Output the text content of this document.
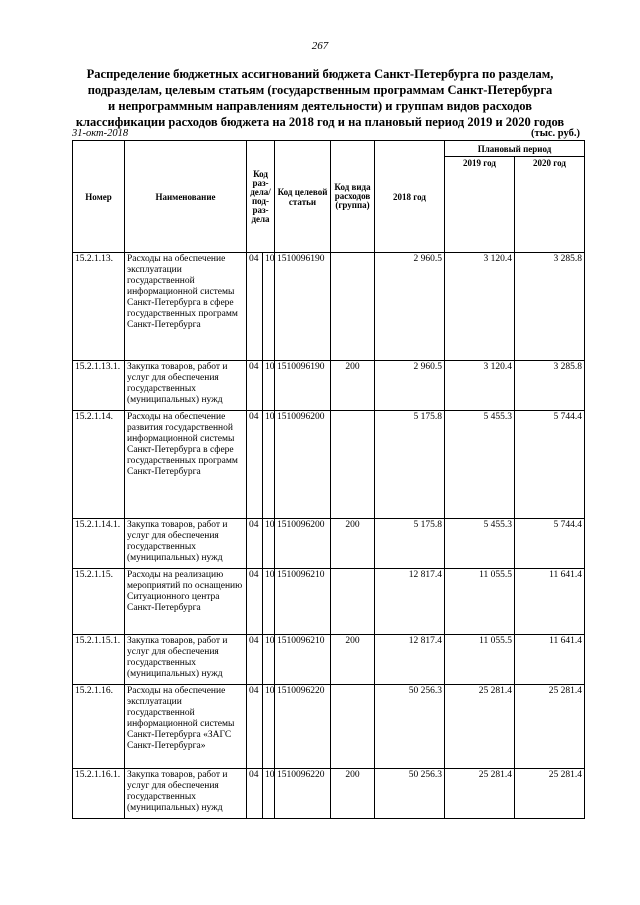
267
Распределение бюджетных ассигнований бюджета Санкт-Петербурга по разделам,
подразделам, целевым статьям (государственным программам Санкт-Петербурга
и непрограммным направлениям деятельности) и группам видов расходов
классификации расходов бюджета на 2018 год и на плановый период 2019 и 2020 годов
31-окт-2018	(тыс. руб.)
Номер	Наименование	Код раз-дела/ под-раз-дела		Код целевой статьи	Код вида расходов (группа)	2018 год	Плановый период	
							2019 год	2020 год
15.2.1.13.	Расходы на обеспечение эксплуатации государственной информационной системы Санкт-Петербурга в сфере государственных программ Санкт-Петербурга	04	10	1510096190		2 960.5	3 120.4	3 285.8
15.2.1.13.1.	Закупка товаров, работ и услуг для обеспечения государственных (муниципальных) нужд	04	10	1510096190	200	2 960.5	3 120.4	3 285.8
15.2.1.14.	Расходы на обеспечение развития государственной информационной системы Санкт-Петербурга в сфере государственных программ Санкт-Петербурга	04	10	1510096200		5 175.8	5 455.3	5 744.4
15.2.1.14.1.	Закупка товаров, работ и услуг для обеспечения государственных (муниципальных) нужд	04	10	1510096200	200	5 175.8	5 455.3	5 744.4
15.2.1.15.	Расходы на реализацию мероприятий по оснащению Ситуационного центра Санкт-Петербурга	04	10	1510096210		12 817.4	11 055.5	11 641.4
15.2.1.15.1.	Закупка товаров, работ и услуг для обеспечения государственных (муниципальных) нужд	04	10	1510096210	200	12 817.4	11 055.5	11 641.4
15.2.1.16.	Расходы на обеспечение эксплуатации государственной информационной системы Санкт-Петербурга «ЗАГС Санкт-Петербурга»	04	10	1510096220		50 256.3	25 281.4	25 281.4
15.2.1.16.1.	Закупка товаров, работ и услуг для обеспечения государственных (муниципальных) нужд	04	10	1510096220	200	50 256.3	25 281.4	25 281.4
